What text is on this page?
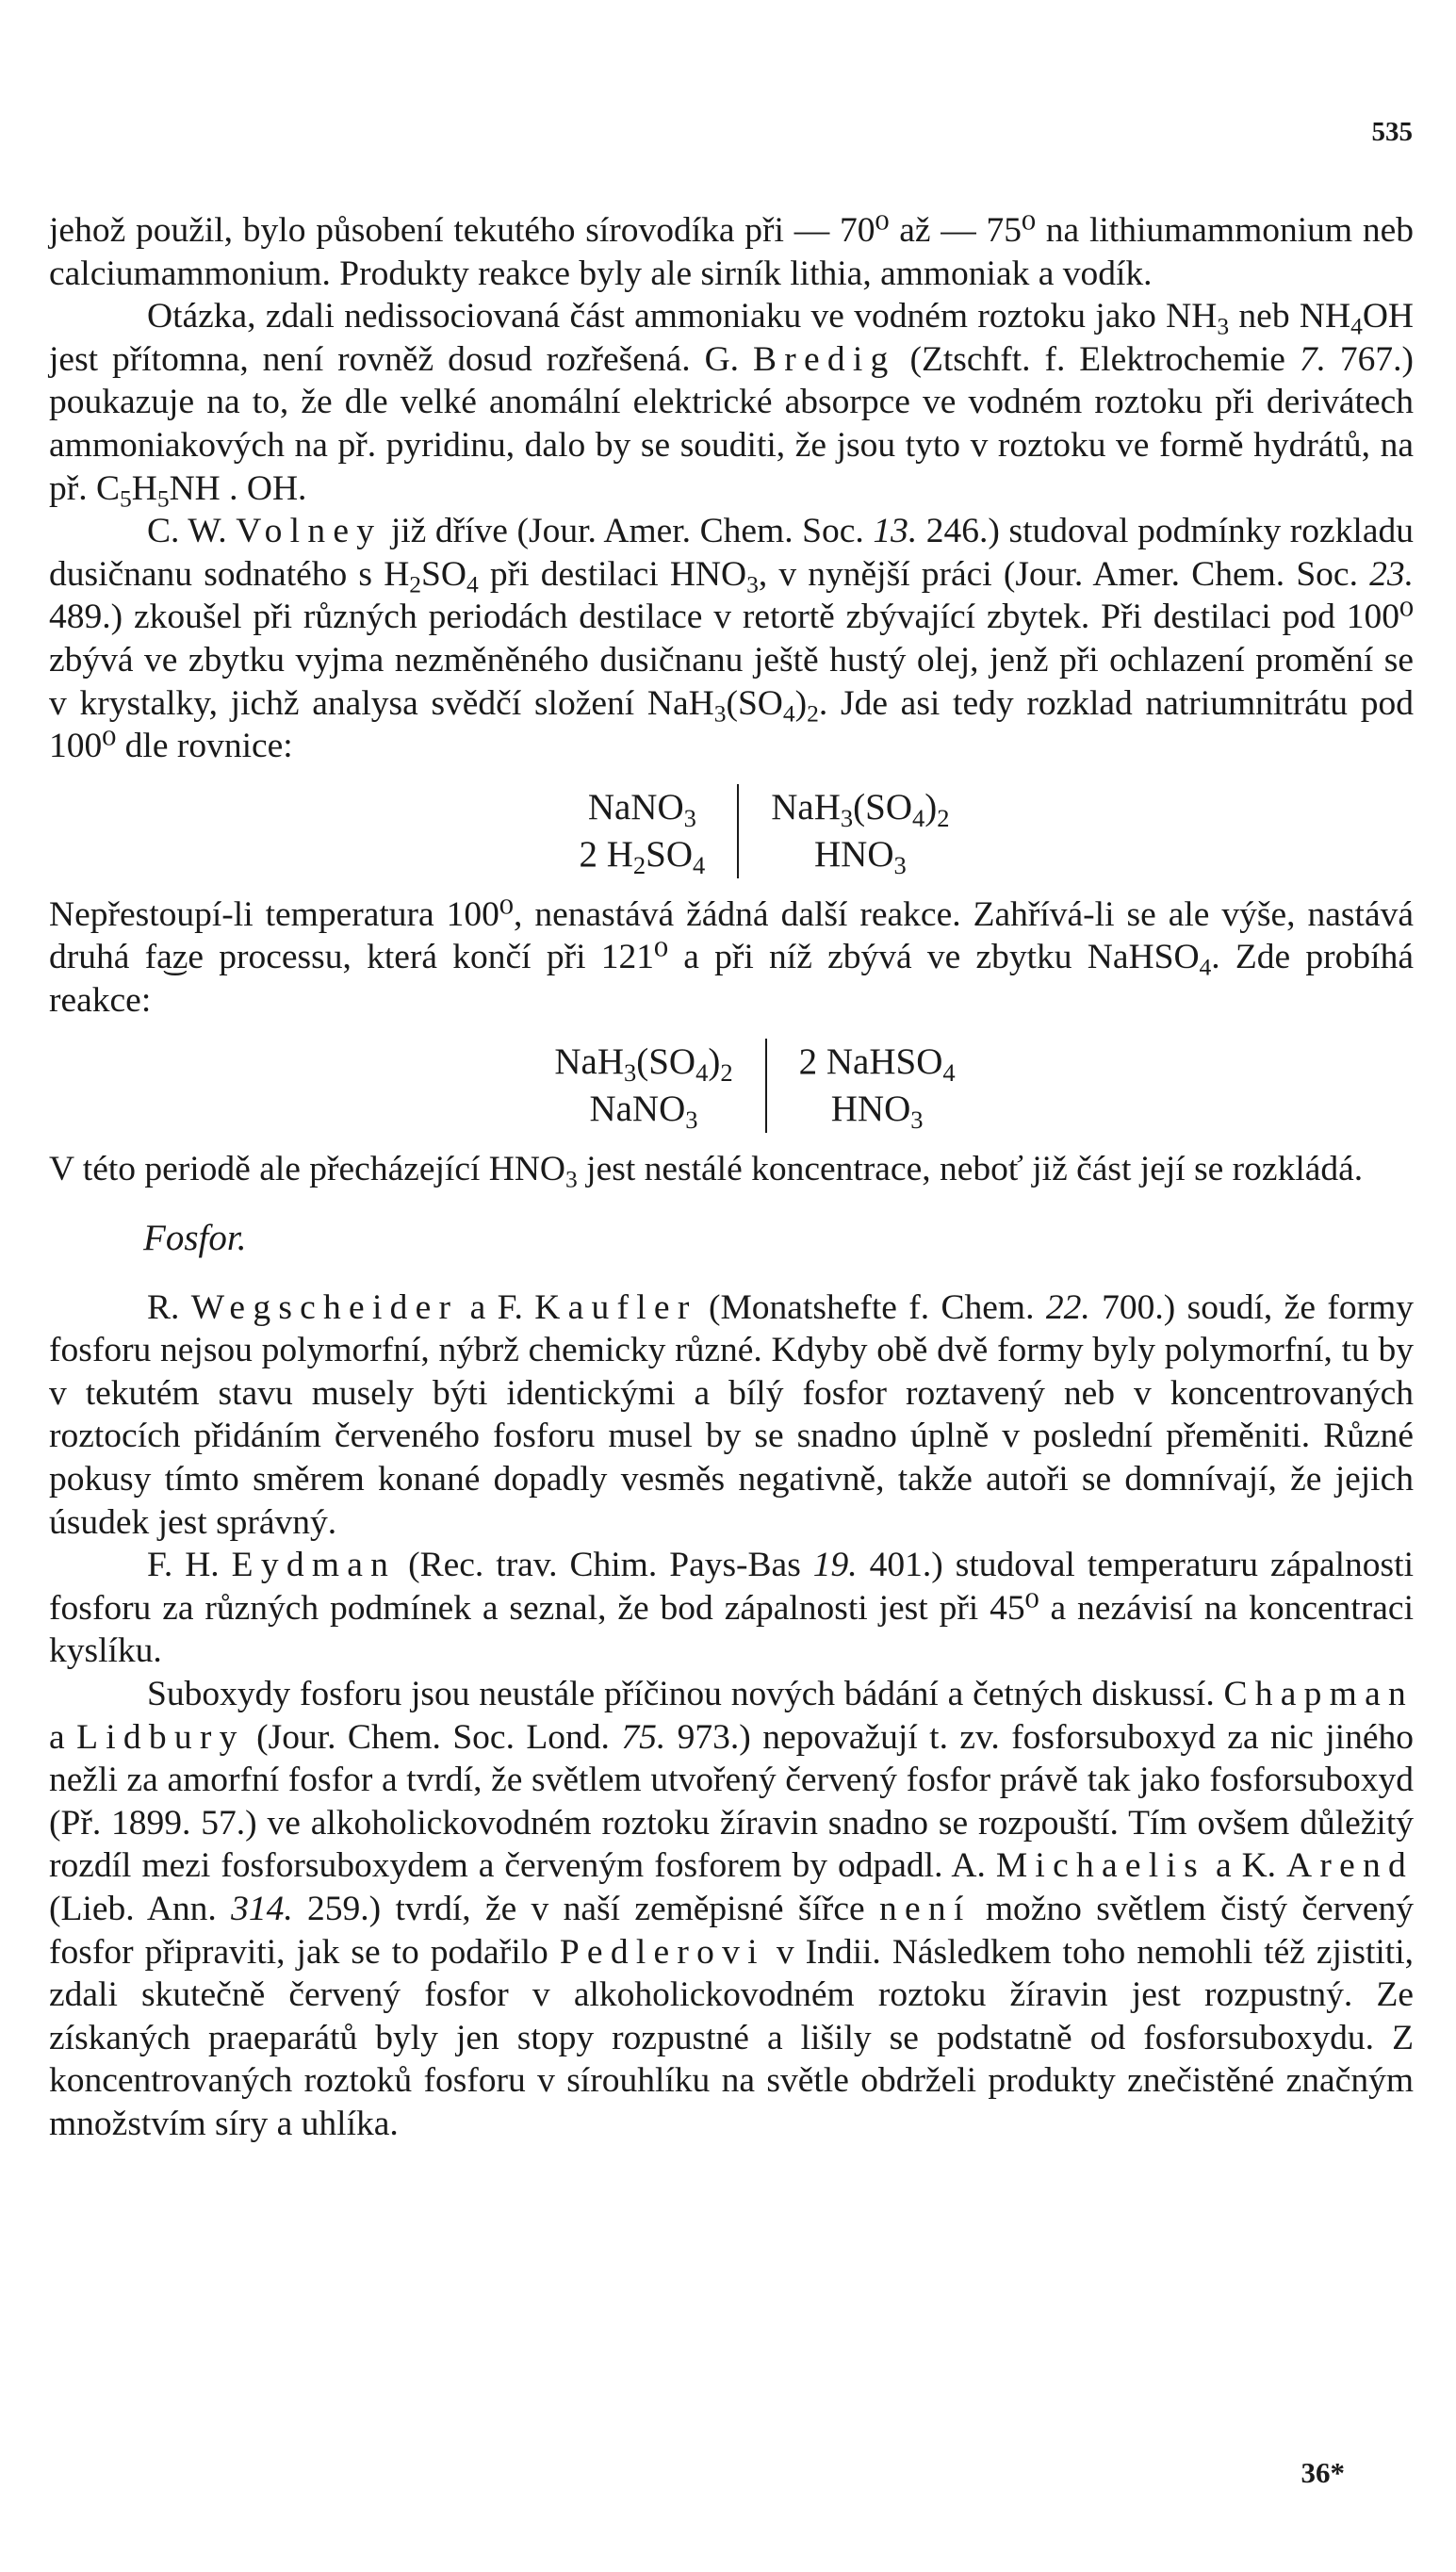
535

jehož použil, bylo působení tekutého sírovodíka při — 70⁰ až — 75⁰ na lithiumammonium neb calciumammonium. Produkty reakce byly ale sirník lithia, ammoniak a vodík.

Otázka, zdali nedissociovaná část ammoniaku ve vodném roztoku jako $NH_3$ neb $NH_4OH$ jest přítomna, není rovněž dosud rozřešená. G. Bredig (Ztschft. f. Elektrochemie 7. 767.) poukazuje na to, že dle velké anomální elektrické absorpce ve vodném roztoku při derivátech ammoniakových na př. pyridinu, dalo by se souditi, že jsou tyto v roztoku ve formě hydrátů, na př. $C_5H_5NH$ . OH.

C. W. Volney již dříve (Jour. Amer. Chem. Soc. 13. 246.) studoval podmínky rozkladu dusičnanu sodnatého s $H_2SO_4$ při destilaci $HNO_3$, v nynější práci (Jour. Amer. Chem. Soc. 23. 489.) zkoušel při různých periodách destilace v retortě zbývající zbytek. Při destilaci pod 100⁰ zbývá ve zbytku vyjma nezměněného dusičnanu ještě hustý olej, jenž při ochlazení promění se v krystalky, jichž analysa svědčí složení $NaH_3(SO_4)_2$. Jde asi tedy rozklad natriumnitrátu pod 100⁰ dle rovnice:

NaNO$_3$
2 $H_2SO_4$
$NaH_3(SO_4)_2$
$HNO_3$

Nepřestoupí-li temperatura 100⁰, nenastává žádná další reakce. Zahřívá-li se ale výše, nastává druhá fa͜ze processu, která končí při 121⁰ a při níž zbývá ve zbytku NaHSO$_4$. Zde probíhá reakce:

$NaH_3(SO_4)_2$
NaNO$_3$
2 NaHSO$_4$
$HNO_3$

V této periodě ale přecházející $HNO_3$ jest nestálé koncentrace, neboť již část její se rozkládá.

Fosfor.

R. Wegscheider a F. Kaufler (Monatshefte f. Chem. 22. 700.) soudí, že formy fosforu nejsou polymorfní, nýbrž chemicky různé. Kdyby obě dvě formy byly polymorfní, tu by v tekutém stavu musely býti identickými a bílý fosfor roztavený neb v koncentrovaných roztocích přidáním červeného fosforu musel by se snadno úplně v poslední přeměniti. Různé pokusy tímto směrem konané dopadly vesměs negativně, takže autoři se domnívají, že jejich úsudek jest správný.

F. H. Eydman (Rec. trav. Chim. Pays-Bas 19. 401.) studoval temperaturu zápalnosti fosforu za různých podmínek a seznal, že bod zápalnosti jest při 45⁰ a nezávisí na koncentraci kyslíku.

Suboxydy fosforu jsou neustále příčinou nových bádání a četných diskussí. Chapman a Lidbury (Jour. Chem. Soc. Lond. 75. 973.) nepovažují t. zv. fosforsuboxyd za nic jiného nežli za amorfní fosfor a tvrdí, že světlem utvořený červený fosfor právě tak jako fosforsuboxyd (Př. 1899. 57.) ve alkoholickovodném roztoku žíravin snadno se rozpouští. Tím ovšem důležitý rozdíl mezi fosforsuboxydem a červeným fosforem by odpadl. A. Michaelis a K. Arend (Lieb. Ann. 314. 259.) tvrdí, že v naší zeměpisné šířce není možno světlem čistý červený fosfor připraviti, jak se to podařilo Pedlerovi v Indii. Následkem toho nemohli též zjistiti, zdali skutečně červený fosfor v alkoholickovodném roztoku žíravin jest rozpustný. Ze získaných praeparátů byly jen stopy rozpustné a lišily se podstatně od fosforsuboxydu. Z koncentrovaných roztoků fosforu v sírouhlíku na světle obdrželi produkty znečistěné značným množstvím síry a uhlíka.

36*
